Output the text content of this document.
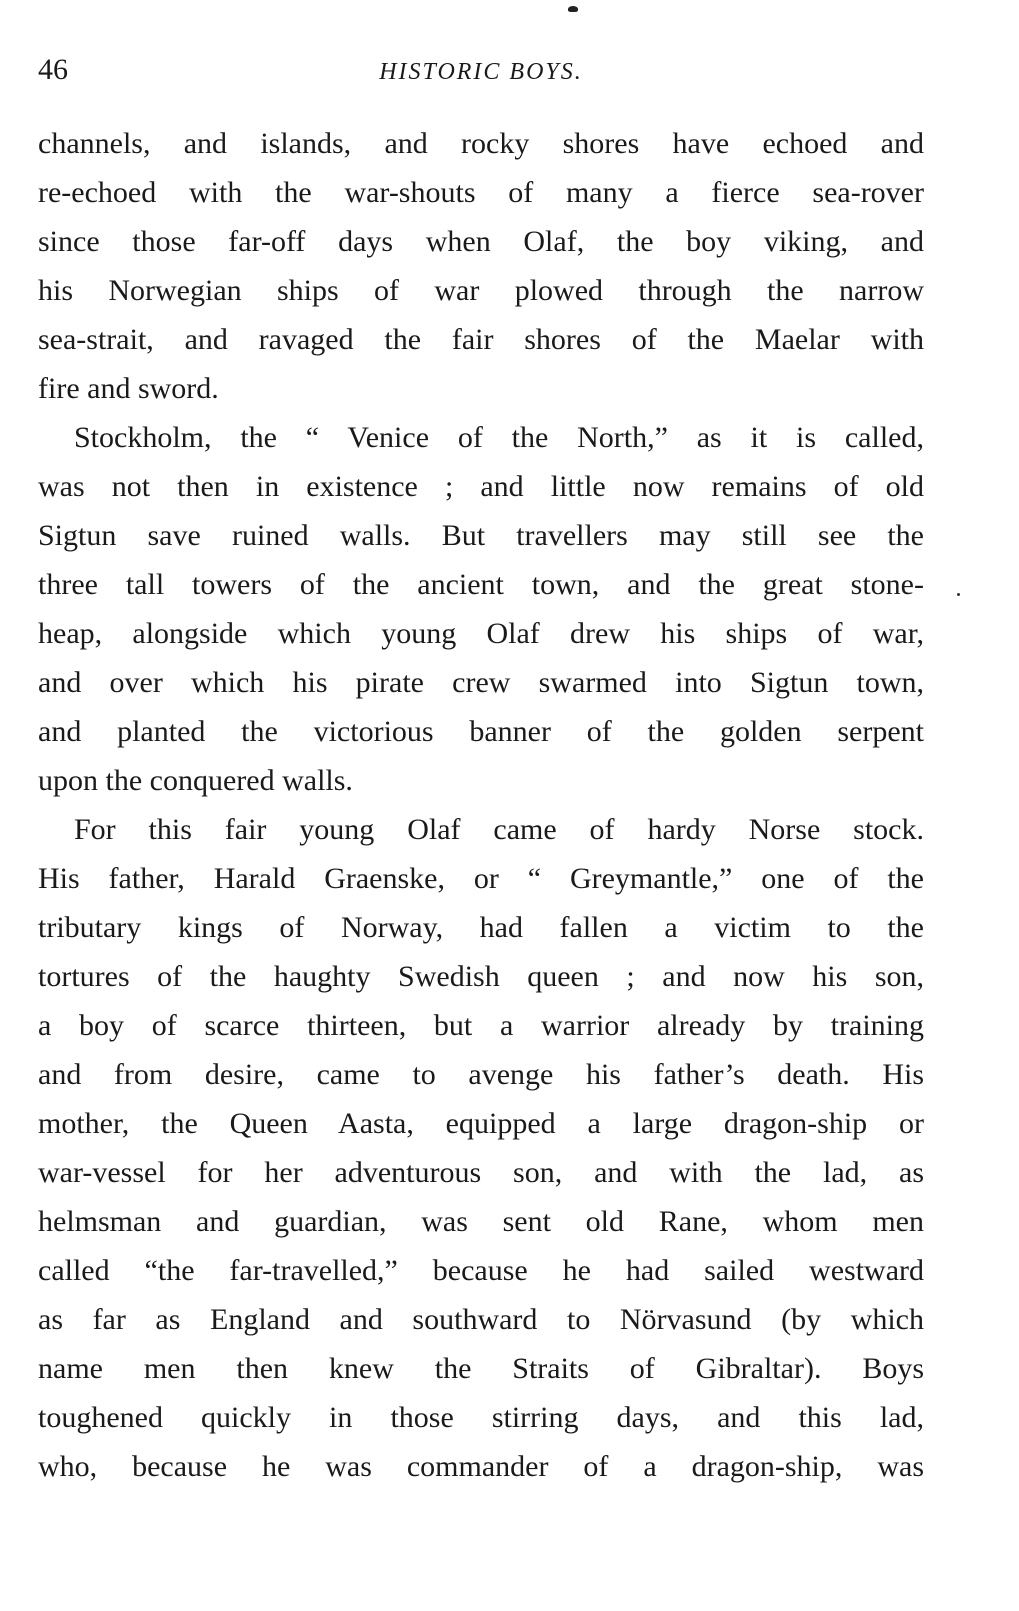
46	HISTORIC BOYS.
channels, and islands, and rocky shores have echoed and
re-echoed with the war-shouts of many a fierce sea-rover
since those far-off days when Olaf, the boy viking, and
his Norwegian ships of war plowed through the narrow
sea-strait, and ravaged the fair shores of the Maelar with
fire and sword.
Stockholm, the “ Venice of the North,” as it is called,
was not then in existence ; and little now remains of old
Sigtun save ruined walls. But travellers may still see the
three tall towers of the ancient town, and the great stone-
heap, alongside which young Olaf drew his ships of war,
and over which his pirate crew swarmed into Sigtun town,
and planted the victorious banner of the golden serpent
upon the conquered walls.
For this fair young Olaf came of hardy Norse stock.
His father, Harald Graenske, or “ Greymantle,” one of the
tributary kings of Norway, had fallen a victim to the
tortures of the haughty Swedish queen ; and now his son,
a boy of scarce thirteen, but a warrior already by training
and from desire, came to avenge his father’s death. His
mother, the Queen Aasta, equipped a large dragon-ship or
war-vessel for her adventurous son, and with the lad, as
helmsman and guardian, was sent old Rane, whom men
called “the far-travelled,” because he had sailed westward
as far as England and southward to Nörvasund (by which
name men then knew the Straits of Gibraltar). Boys
toughened quickly in those stirring days, and this lad,
who, because he was commander of a dragon-ship, was
